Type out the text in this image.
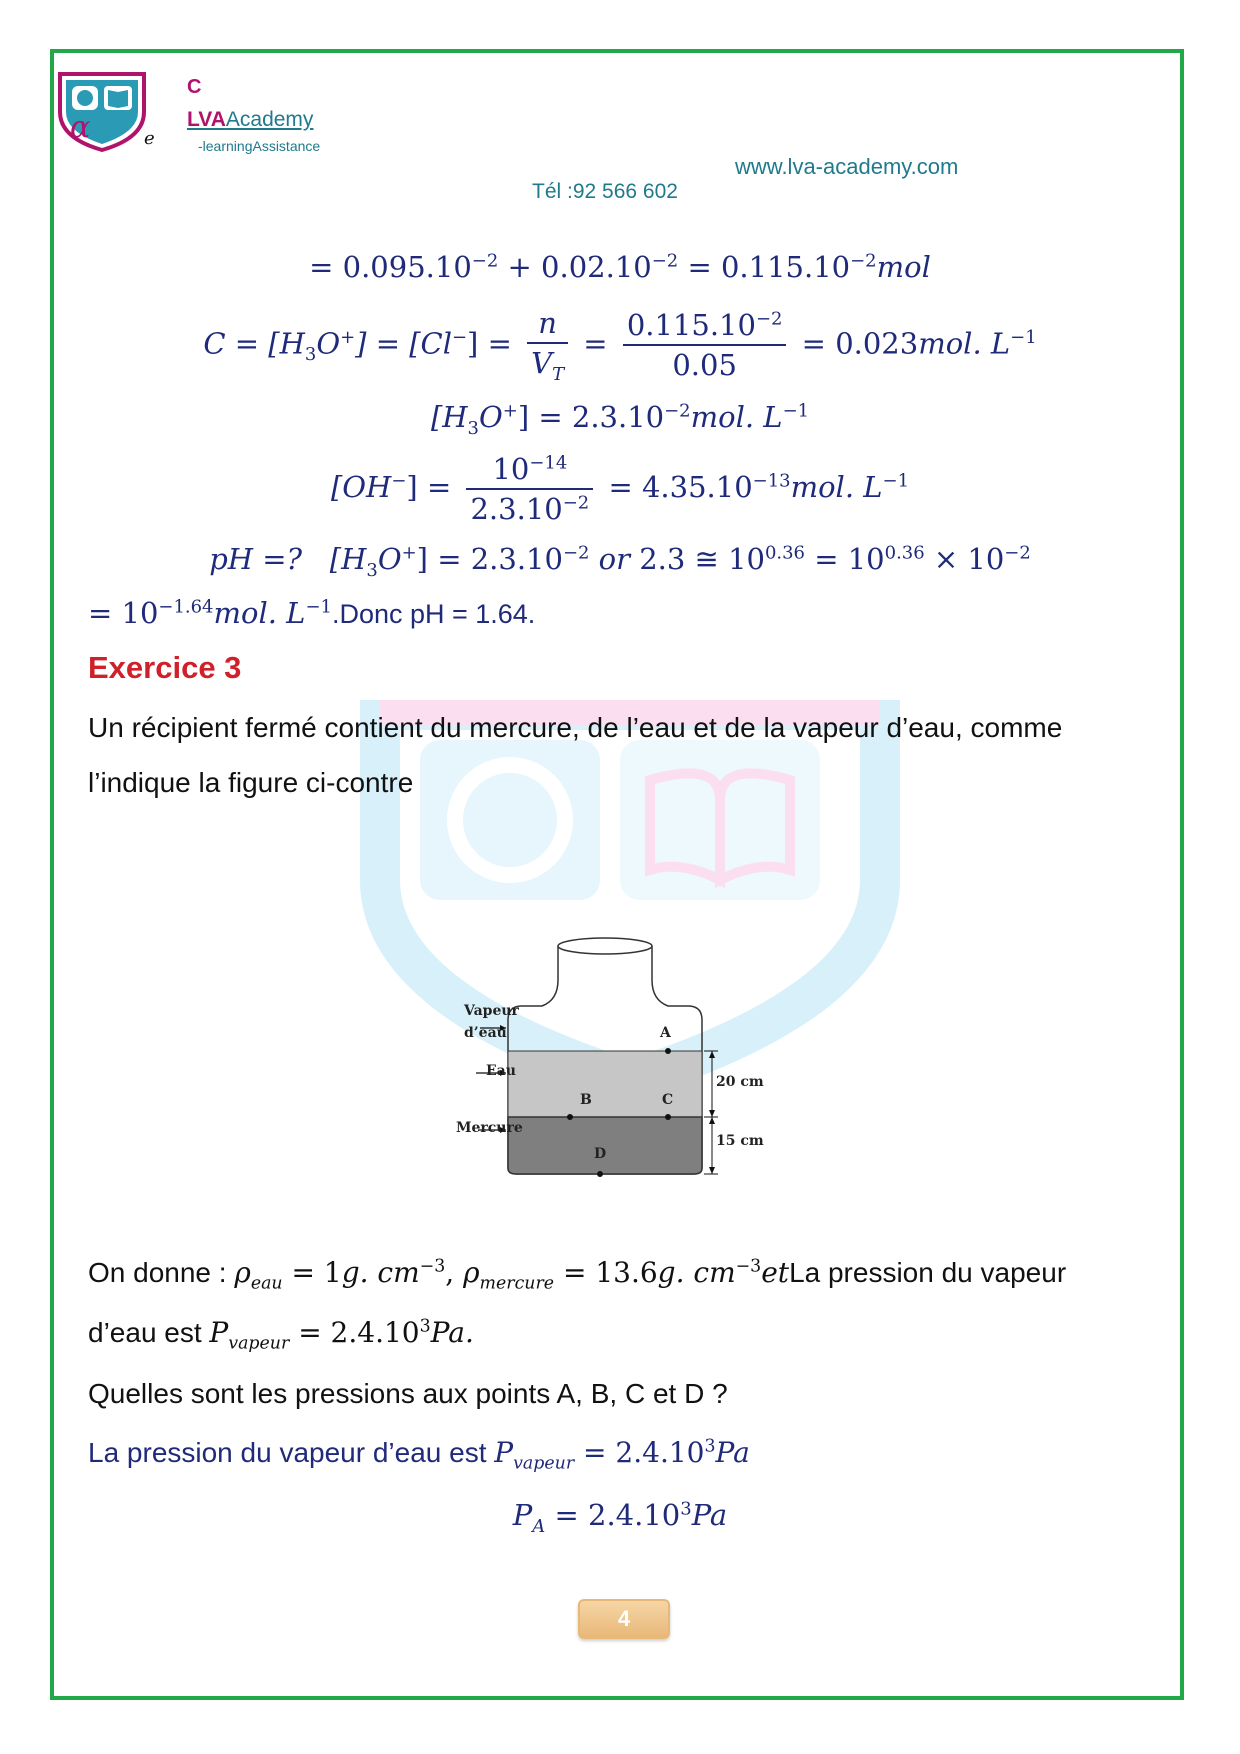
α	e
C
LVAAcademy
-learningAssistance
www.lva-academy.com
Tél :92 566 602
= $0.095.10^{-2} + 0.02.10^{-2} = 0.115.10^{-2}mol$
$C = [H_3O^+] = [Cl^-] = \frac{n}{V_T} = \frac{0.115.10^{-2}}{0.05} = 0.023mol$. $L^{-1}$
$[H_3O^+] = 2.3.10^{-2}mol$. $L^{-1}$
$[OH^-] = \frac{10^{-14}}{2.3.10^{-2}} = 4.35.10^{-13}mol$. $L^{-1}$
pH =? $[H_3O^+] = 2.3.10^{-2}$ or 2.3 ≅ $10^{0.36} = 10^{0.36} \times 10^{-2}$
= $10^{-1.64}mol$. $L^{-1}.Donc$ pH = 1.64.
Exercice 3
Un récipient fermé contient du mercure, de l’eau et de la vapeur d’eau, comme
l’indique la figure ci-contre
Vapeur
d’eau
Eau
Mercure
A
B	C
D
20 cm
15 cm
On donne : $\rho_{eau} = 1g$. $cm^{-3}$, $\rho_{mercure} = 13.6g$. $cm^{-3}etLa$ pression du vapeur
d’eau est $P_{vapeur} = 2.4.10^3Pa$.
Quelles sont les pressions aux points A, B, C et D ?
La pression du vapeur d’eau est $P_{vapeur} = 2.4.10^3Pa$
$P_A = 2.4.10^3Pa$
4
